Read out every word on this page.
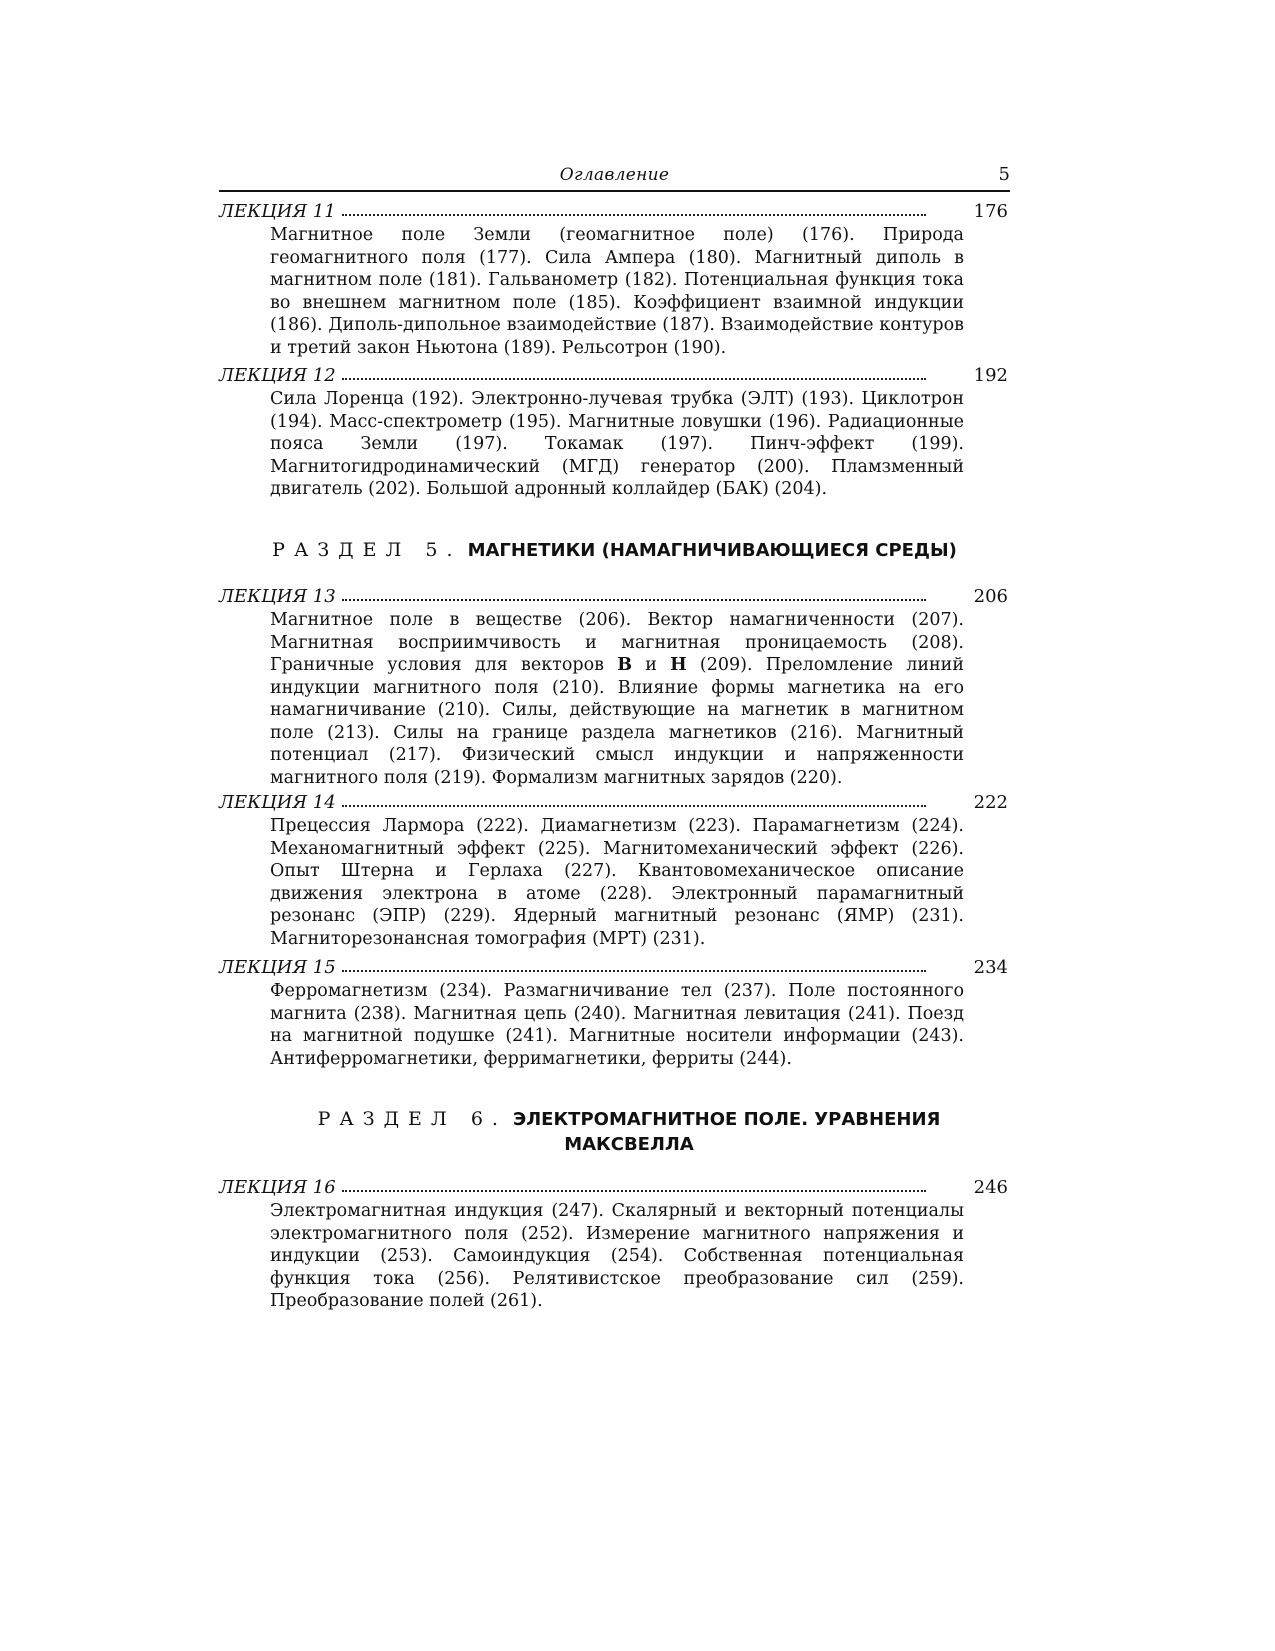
Оглавление	5
ЛЕКЦИЯ 11	176
Магнитное поле Земли (геомагнитное поле) (176). Природа геомагнитного поля (177). Сила Ампера (180). Магнитный диполь в магнитном поле (181). Гальванометр (182). Потенциальная функция тока во внешнем магнитном поле (185). Коэффициент взаимной индукции (186). Диполь-дипольное взаимодействие (187). Взаимодействие контуров и третий закон Ньютона (189). Рельсотрон (190).
ЛЕКЦИЯ 12	192
Сила Лоренца (192). Электронно-лучевая трубка (ЭЛТ) (193). Циклотрон (194). Масс-спектрометр (195). Магнитные ловушки (196). Радиационные пояса Земли (197). Токамак (197). Пинч-эффект (199). Магнитогидродинамический (МГД) генератор (200). Пламзменный двигатель (202). Большой адронный коллайдер (БАК) (204).
РАЗДЕЛ 5. МАГНЕТИКИ (НАМАГНИЧИВАЮЩИЕСЯ СРЕДЫ)
ЛЕКЦИЯ 13	206
Магнитное поле в веществе (206). Вектор намагниченности (207). Магнитная восприимчивость и магнитная проницаемость (208). Граничные условия для векторов B и H (209). Преломление линий индукции магнитного поля (210). Влияние формы магнетика на его намагничивание (210). Силы, действующие на магнетик в магнитном поле (213). Силы на границе раздела магнетиков (216). Магнитный потенциал (217). Физический смысл индукции и напряженности магнитного поля (219). Формализм магнитных зарядов (220).
ЛЕКЦИЯ 14	222
Прецессия Лармора (222). Диамагнетизм (223). Парамагнетизм (224). Механомагнитный эффект (225). Магнитомеханический эффект (226). Опыт Штерна и Герлаха (227). Квантовомеханическое описание движения электрона в атоме (228). Электронный парамагнитный резонанс (ЭПР) (229). Ядерный магнитный резонанс (ЯМР) (231). Магниторезонансная томография (МРТ) (231).
ЛЕКЦИЯ 15	234
Ферромагнетизм (234). Размагничивание тел (237). Поле постоянного магнита (238). Магнитная цепь (240). Магнитная левитация (241). Поезд на магнитной подушке (241). Магнитные носители информации (243). Антиферромагнетики, ферримагнетики, ферриты (244).
РАЗДЕЛ 6. ЭЛЕКТРОМАГНИТНОЕ ПОЛЕ. УРАВНЕНИЯ МАКСВЕЛЛА
ЛЕКЦИЯ 16	246
Электромагнитная индукция (247). Скалярный и векторный потенциалы электромагнитного поля (252). Измерение магнитного напряжения и индукции (253). Самоиндукция (254). Собственная потенциальная функция тока (256). Релятивистское преобразование сил (259). Преобразование полей (261).
